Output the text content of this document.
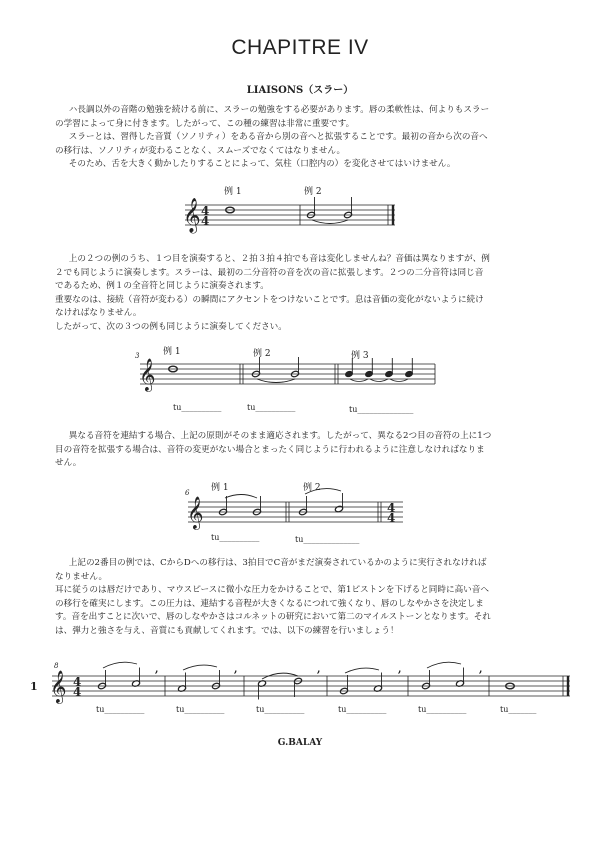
CHAPITRE IV
LIAISONS（スラー）

ハ長調以外の音階の勉強を続ける前に、スラーの勉強をする必要があります。唇の柔軟性は、何よりもスラー

の学習によって身に付きます。したがって、この種の練習は非常に重要です。

スラーとは、習得した音質（ソノリティ）をある音から別の音へと拡張することです。最初の音から次の音へ

の移行は、ソノリティが変わることなく、スムーズでなくてはなりません。

そのため、舌を大きく動かしたりすることによって、気柱（口腔内の）を変化させてはいけません。

𝄞 4
4
例 1	例 2

上の２つの例のうち、１つ目を演奏すると、２拍３拍４拍でも音は変化しませんね？音価は異なりますが、例

２でも同じように演奏します。スラーは、最初の二分音符の音を次の音に拡張します。２つの二分音符は同じ音

であるため、例１の全音符と同じように演奏されます。

重要なのは、接続（音符が変わる）の瞬間にアクセントをつけないことです。息は音価の変化がないように続け

なければなりません。

したがって、次の３つの例も同じように演奏してください。

3
𝄞
例 1	例 2	例 3
tu__________	tu__________	tu______________

異なる音符を連結する場合、上記の原則がそのまま適応されます。したがって、異なる2つ目の音符の上に1つ

目の音符を拡張する場合は、音符の変更がない場合とまったく同じように行われるように注意しなければなりま

せん。

6
𝄞	4
4
例 1	例 2
tu__________	tu______________

上記の2番目の例では、CからDへの移行は、3拍目でC音がまだ演奏されているかのように実行されなければ

なりません。

耳に従うのは唇だけであり、マウスピースに微小な圧力をかけることで、第1ピストンを下げると同時に高い音へ

の移行を確実にします。この圧力は、連結する音程が大きくなるにつれて強くなり、唇のしなやかさを決定しま

す。音を出すことに次いで、唇のしなやかさはコルネットの研究において第二のマイルストーンとなります。それ

は、弾力と強さを与え、音質にも貢献してくれます。では、以下の練習を行いましょう！

1
8
𝄞 4
4
,	,	,	,	,
tu__________	tu__________	tu__________	tu__________	tu__________	tu_______
G.BALAY
